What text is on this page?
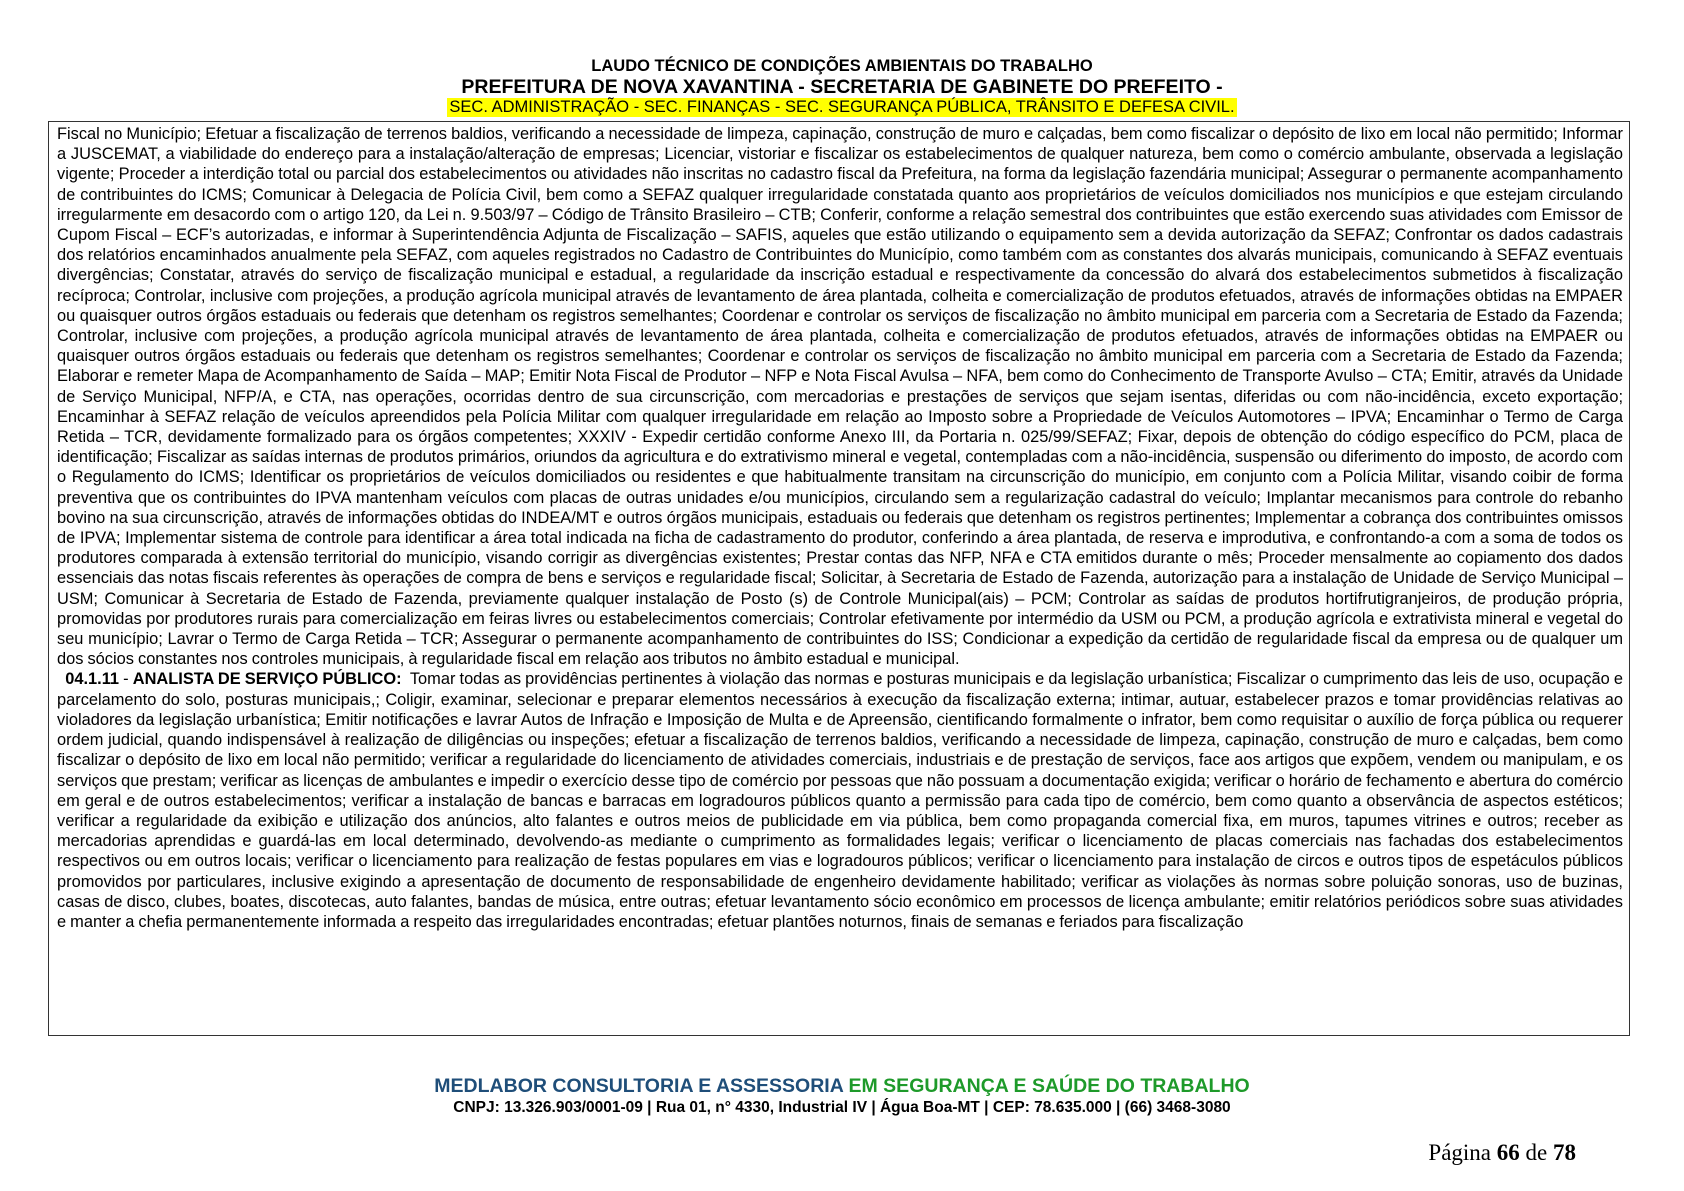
LAUDO TÉCNICO DE CONDIÇÕES AMBIENTAIS DO TRABALHO
PREFEITURA DE NOVA XAVANTINA - SECRETARIA DE GABINETE DO PREFEITO -
SEC. ADMINISTRAÇÃO - SEC. FINANÇAS - SEC. SEGURANÇA PÚBLICA, TRÂNSITO E DEFESA CIVIL.

Fiscal no Município; Efetuar a fiscalização de terrenos baldios, verificando a necessidade de limpeza, capinação, construção de muro e calçadas, bem como fiscalizar o depósito de lixo em local não permitido; Informar a JUSCEMAT, a viabilidade do endereço para a instalação/alteração de empresas; Licenciar, vistoriar e fiscalizar os estabelecimentos de qualquer natureza, bem como o comércio ambulante, observada a legislação vigente; Proceder a interdição total ou parcial dos estabelecimentos ou atividades não inscritas no cadastro fiscal da Prefeitura, na forma da legislação fazendária municipal; Assegurar o permanente acompanhamento de contribuintes do ICMS; Comunicar à Delegacia de Polícia Civil, bem como a SEFAZ qualquer irregularidade constatada quanto aos proprietários de veículos domiciliados nos municípios e que estejam circulando irregularmente em desacordo com o artigo 120, da Lei n. 9.503/97 – Código de Trânsito Brasileiro – CTB; Conferir, conforme a relação semestral dos contribuintes que estão exercendo suas atividades com Emissor de Cupom Fiscal – ECF’s autorizadas, e informar à Superintendência Adjunta de Fiscalização – SAFIS, aqueles que estão utilizando o equipamento sem a devida autorização da SEFAZ; Confrontar os dados cadastrais dos relatórios encaminhados anualmente pela SEFAZ, com aqueles registrados no Cadastro de Contribuintes do Município, como também com as constantes dos alvarás municipais, comunicando à SEFAZ eventuais divergências; Constatar, através do serviço de fiscalização municipal e estadual, a regularidade da inscrição estadual e respectivamente da concessão do alvará dos estabelecimentos submetidos à fiscalização recíproca; Controlar, inclusive com projeções, a produção agrícola municipal através de levantamento de área plantada, colheita e comercialização de produtos efetuados, através de informações obtidas na EMPAER ou quaisquer outros órgãos estaduais ou federais que detenham os registros semelhantes; Coordenar e controlar os serviços de fiscalização no âmbito municipal em parceria com a Secretaria de Estado da Fazenda; Controlar, inclusive com projeções, a produção agrícola municipal através de levantamento de área plantada, colheita e comercialização de produtos efetuados, através de informações obtidas na EMPAER ou quaisquer outros órgãos estaduais ou federais que detenham os registros semelhantes; Coordenar e controlar os serviços de fiscalização no âmbito municipal em parceria com a Secretaria de Estado da Fazenda; Elaborar e remeter Mapa de Acompanhamento de Saída – MAP; Emitir Nota Fiscal de Produtor – NFP e Nota Fiscal Avulsa – NFA, bem como do Conhecimento de Transporte Avulso – CTA; Emitir, através da Unidade de Serviço Municipal, NFP/A, e CTA, nas operações, ocorridas dentro de sua circunscrição, com mercadorias e prestações de serviços que sejam isentas, diferidas ou com não-incidência, exceto exportação; Encaminhar à SEFAZ relação de veículos apreendidos pela Polícia Militar com qualquer irregularidade em relação ao Imposto sobre a Propriedade de Veículos Automotores – IPVA; Encaminhar o Termo de Carga Retida – TCR, devidamente formalizado para os órgãos competentes; XXXIV - Expedir certidão conforme Anexo III, da Portaria n. 025/99/SEFAZ; Fixar, depois de obtenção do código específico do PCM, placa de identificação; Fiscalizar as saídas internas de produtos primários, oriundos da agricultura e do extrativismo mineral e vegetal, contempladas com a não-incidência, suspensão ou diferimento do imposto, de acordo com o Regulamento do ICMS; Identificar os proprietários de veículos domiciliados ou residentes e que habitualmente transitam na circunscrição do município, em conjunto com a Polícia Militar, visando coibir de forma preventiva que os contribuintes do IPVA mantenham veículos com placas de outras unidades e/ou municípios, circulando sem a regularização cadastral do veículo; Implantar mecanismos para controle do rebanho bovino na sua circunscrição, através de informações obtidas do INDEA/MT e outros órgãos municipais, estaduais ou federais que detenham os registros pertinentes; Implementar a cobrança dos contribuintes omissos de IPVA; Implementar sistema de controle para identificar a área total indicada na ficha de cadastramento do produtor, conferindo a área plantada, de reserva e improdutiva, e confrontando-a com a soma de todos os produtores comparada à extensão territorial do município, visando corrigir as divergências existentes; Prestar contas das NFP, NFA e CTA emitidos durante o mês; Proceder mensalmente ao copiamento dos dados essenciais das notas fiscais referentes às operações de compra de bens e serviços e regularidade fiscal; Solicitar, à Secretaria de Estado de Fazenda, autorização para a instalação de Unidade de Serviço Municipal – USM; Comunicar à Secretaria de Estado de Fazenda, previamente qualquer instalação de Posto (s) de Controle Municipal(ais) – PCM; Controlar as saídas de produtos hortifrutigranjeiros, de produção própria, promovidas por produtores rurais para comercialização em feiras livres ou estabelecimentos comerciais; Controlar efetivamente por intermédio da USM ou PCM, a produção agrícola e extrativista mineral e vegetal do seu município; Lavrar o Termo de Carga Retida – TCR; Assegurar o permanente acompanhamento de contribuintes do ISS; Condicionar a expedição da certidão de regularidade fiscal da empresa ou de qualquer um dos sócios constantes nos controles municipais, à regularidade fiscal em relação aos tributos no âmbito estadual e municipal.

04.1.11 - ANALISTA DE SERVIÇO PÚBLICO: Tomar todas as providências pertinentes à violação das normas e posturas municipais e da legislação urbanística; Fiscalizar o cumprimento das leis de uso, ocupação e parcelamento do solo, posturas municipais,; Coligir, examinar, selecionar e preparar elementos necessários à execução da fiscalização externa; intimar, autuar, estabelecer prazos e tomar providências relativas ao violadores da legislação urbanística; Emitir notificações e lavrar Autos de Infração e Imposição de Multa e de Apreensão, cientificando formalmente o infrator, bem como requisitar o auxílio de força pública ou requerer ordem judicial, quando indispensável à realização de diligências ou inspeções; efetuar a fiscalização de terrenos baldios, verificando a necessidade de limpeza, capinação, construção de muro e calçadas, bem como fiscalizar o depósito de lixo em local não permitido; verificar a regularidade do licenciamento de atividades comerciais, industriais e de prestação de serviços, face aos artigos que expõem, vendem ou manipulam, e os serviços que prestam; verificar as licenças de ambulantes e impedir o exercício desse tipo de comércio por pessoas que não possuam a documentação exigida; verificar o horário de fechamento e abertura do comércio em geral e de outros estabelecimentos; verificar a instalação de bancas e barracas em logradouros públicos quanto a permissão para cada tipo de comércio, bem como quanto a observância de aspectos estéticos; verificar a regularidade da exibição e utilização dos anúncios, alto falantes e outros meios de publicidade em via pública, bem como propaganda comercial fixa, em muros, tapumes vitrines e outros; receber as mercadorias aprendidas e guardá-las em local determinado, devolvendo-as mediante o cumprimento as formalidades legais; verificar o licenciamento de placas comerciais nas fachadas dos estabelecimentos respectivos ou em outros locais; verificar o licenciamento para realização de festas populares em vias e logradouros públicos; verificar o licenciamento para instalação de circos e outros tipos de espetáculos públicos promovidos por particulares, inclusive exigindo a apresentação de documento de responsabilidade de engenheiro devidamente habilitado; verificar as violações às normas sobre poluição sonoras, uso de buzinas, casas de disco, clubes, boates, discotecas, auto falantes, bandas de música, entre outras; efetuar levantamento sócio econômico em processos de licença ambulante; emitir relatórios periódicos sobre suas atividades e manter a chefia permanentemente informada a respeito das irregularidades encontradas; efetuar plantões noturnos, finais de semanas e feriados para fiscalização

MEDLABOR CONSULTORIA E ASSESSORIA EM SEGURANÇA E SAÚDE DO TRABALHO
CNPJ: 13.326.903/0001-09 | Rua 01, n° 4330, Industrial IV | Água Boa-MT | CEP: 78.635.000 | (66) 3468-3080
Página 66 de 78
